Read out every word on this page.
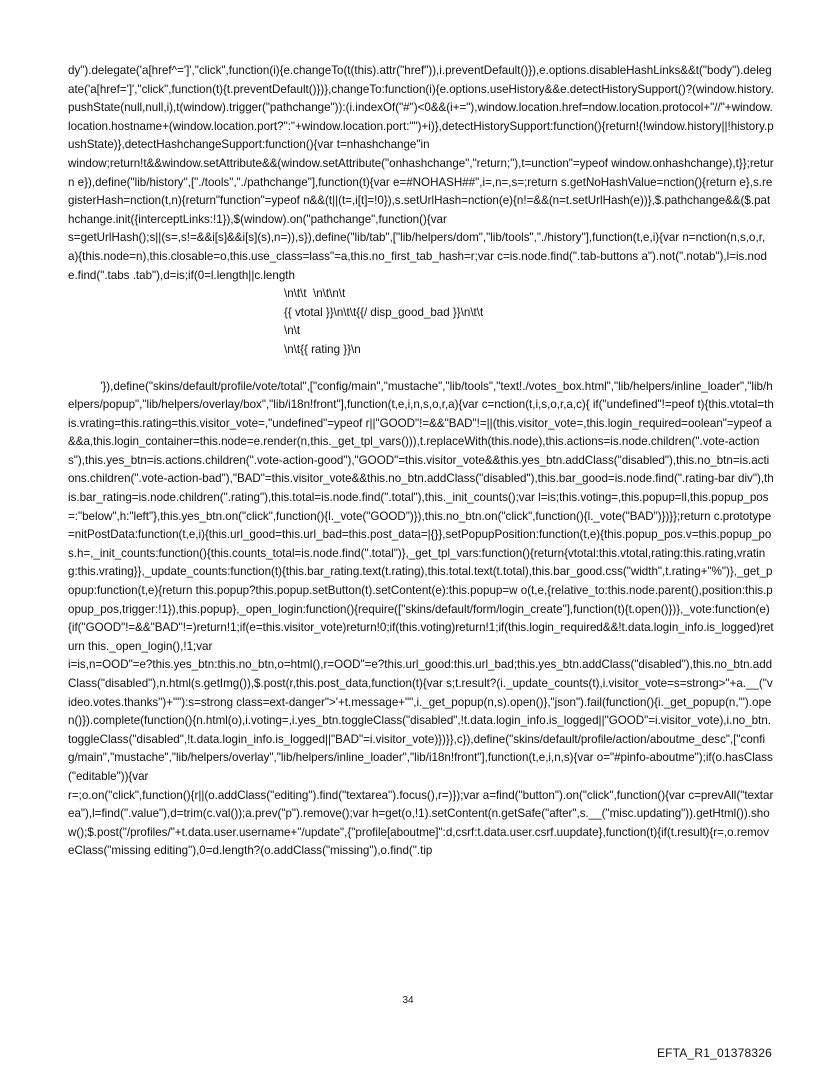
dy").delegate('a[href^=']',"click",function(i){e.changeTo(t(this).attr("href")),i.preventDefault()}),e.options.disableHashLinks&&t("body").delegate('a[href=']',"click",function(t){t.preventDefault()})},changeTo:function(i){e.options.useHistory&&e.detectHistorySupport()?(window.history.pushState(null,null,i),t(window).trigger("pathchange")):(i.indexOf("#")<0&&(i+="),window.location.href=ndow.location.protocol+"//"+window.location.hostname+(window.location.port?":"+window.location.port:"")+i)},detectHistorySupport:function(){return!(!window.history||!history.pushState)},detectHashchangeSupport:function(){var t=nhashchange"in
window;return!t&&window.setAttribute&&(window.setAttribute("onhashchange","return;"),t=unction"=ypeof window.onhashchange),t}};return e}),define("lib/history",["./tools","./pathchange"],function(t){var e=#NOHASH##",i=,n=,s=;return s.getNoHashValue=nction(){return e},s.registerHash=nction(t,n){return"function"=ypeof n&&(t||(t=,i[t]=!0}),s.setUrlHash=nction(e){n!=&&(n=t.setUrlHash(e))},$.pathchange&&($.pathchange.init({interceptLinks:!1}),$(window).on("pathchange",function(){var
s=getUrlHash();s||(s=,s!=&&i[s]&&i[s](s),n=)),s}),define("lib/tab",["lib/helpers/dom","lib/tools","./history"],function(t,e,i){var n=nction(n,s,o,r,a){this.node=n),this.closable=o,this.use_class=lass"=a,this.no_first_tab_hash=r;var c=is.node.find(".tab-buttons a").not(".notab"),l=is.node.find(".tabs .tab"),d=is;if(0=l.length||c.length

\n\t\t  \n\t\n\t
{{ vtotal }}\n\t\t{{/ disp_good_bad }}\n\t\t
\n\t
\n\t{{ rating }}\n

'}),define("skins/default/profile/vote/total",["config/main","mustache","lib/tools","text!./votes_box.html","lib/helpers/inline_loader","lib/helpers/popup","lib/helpers/overlay/box","lib/i18n!front"],function(t,e,i,n,s,o,r,a){var c=nction(t,i,s,o,r,a,c){ if("undefined"!=peof t){this.vtotal=this.vrating=this.rating=this.visitor_vote=,"undefined"=ypeof r||"GOOD"!=&&"BAD"!=||(this.visitor_vote=,this.login_required=oolean"=ypeof a&&a,this.login_container=this.node=e.render(n,this._get_tpl_vars())),t.replaceWith(this.node),this.actions=is.node.children(".vote-actions"),this.yes_btn=is.actions.children(".vote-action-good"),"GOOD"=this.visitor_vote&&this.yes_btn.addClass("disabled"),this.no_btn=is.actions.children(".vote-action-bad"),"BAD"=this.visitor_vote&&this.no_btn.addClass("disabled"),this.bar_good=is.node.find(".rating-bar div"),this.bar_rating=is.node.children(".rating"),this.total=is.node.find(".total"),this._init_counts();var l=is;this.voting=,this.popup=ll,this.popup_pos=:"below",h:"left"},this.yes_btn.on("click",function(){l._vote("GOOD")}),this.no_btn.on("click",function(){l._vote("BAD")})}};return c.prototype=nitPostData:function(t,e,i){this.url_good=this.url_bad=this.post_data=|{}},setPopupPosition:function(t,e){this.popup_pos.v=this.popup_pos.h=,_init_counts:function(){this.counts_total=is.node.find(".total")},_get_tpl_vars:function(){return{vtotal:this.vtotal,rating:this.rating,vrating:this.vrating}},_update_counts:function(t){this.bar_rating.text(t.rating),this.total.text(t.total),this.bar_good.css("width",t.rating+"%")},_get_popup:function(t,e){return this.popup?this.popup.setButton(t).setContent(e):this.popup=w o(t,e,{relative_to:this.node.parent(),position:this.popup_pos,trigger:!1}),this.popup},_open_login:function(){require(["skins/default/form/login_create"],function(t){t.open()})},_vote:function(e){if("GOOD"!=&&"BAD"!=)return!1;if(e=this.visitor_vote)return!0;if(this.voting)return!1;if(this.login_required&&!t.data.login_info.is_logged)return this._open_login(),!1;var
i=is,n=OOD"=e?this.yes_btn:this.no_btn,o=html(),r=OOD"=e?this.url_good:this.url_bad;this.yes_btn.addClass("disabled"),this.no_btn.addClass("disabled"),n.html(s.getImg()),$.post(r,this.post_data,function(t){var s;t.result?(i._update_counts(t),i.visitor_vote=s=strong>"+a.__("video.votes.thanks")+""):s=strong class=ext-danger">'+t.message+"",i._get_popup(n,s).open()},"json").fail(function(){i._get_popup(n,'").open()}).complete(function(){n.html(o),i.voting=,i.yes_btn.toggleClass("disabled",!t.data.login_info.is_logged||"GOOD"=i.visitor_vote),i.no_btn.toggleClass("disabled",!t.data.login_info.is_logged||"BAD"=i.visitor_vote)})}},c}),define("skins/default/profile/action/aboutme_desc",["config/main","mustache","lib/helpers/overlay","lib/helpers/inline_loader","lib/i18n!front"],function(t,e,i,n,s){var o="#pinfo-aboutme");if(o.hasClass("editable")){var
r=;o.on("click",function(){r||(o.addClass("editing").find("textarea").focus(),r=)});var a=find("button").on("click",function(){var c=prevAll("textarea"),l=find(".value"),d=trim(c.val());a.prev("p").remove();var h=get(o,!1).setContent(n.getSafe("after",s.__("misc.updating")).getHtml()).show();$.post("/profiles/"+t.data.user.username+"/update",{"profile[aboutme]":d,csrf:t.data.user.csrf.uupdate},function(t){if(t.result){r=,o.removeClass("missing editing"),0=d.length?(o.addClass("missing"),o.find(".tip

34
EFTA_R1_01378326
